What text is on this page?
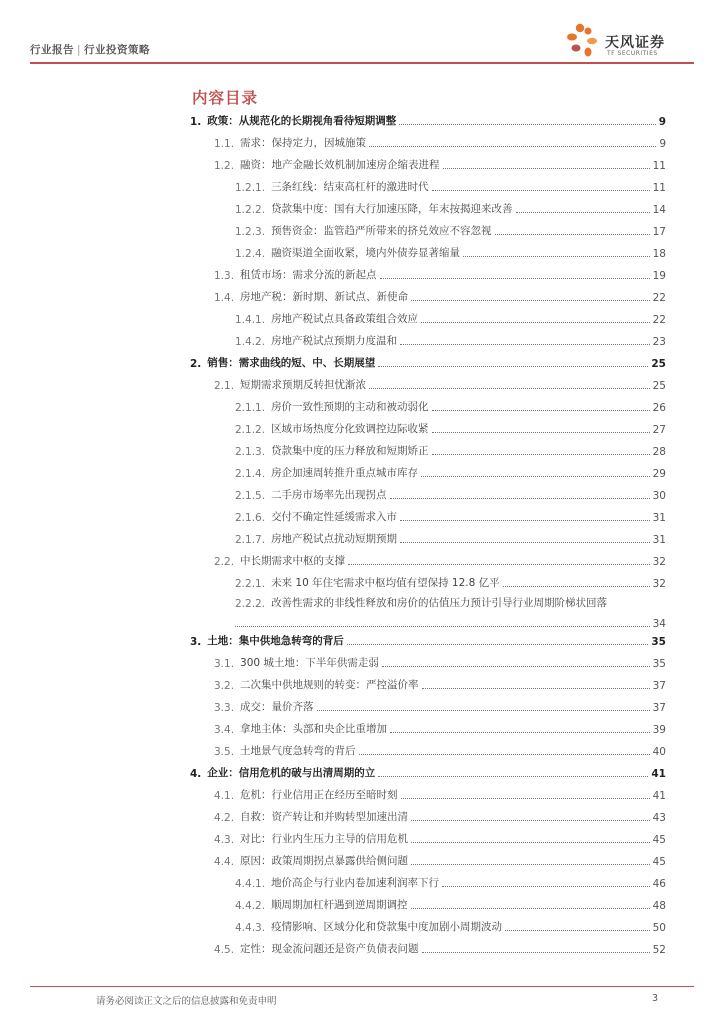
行业报告 | 行业投资策略	天风证券
TF SECURITIES
内容目录
1. 政策：从规范化的长期视角看待短期调整	9
1.1. 需求：保持定力，因城施策	9
1.2. 融资：地产金融长效机制加速房企缩表进程	11
1.2.1. 三条红线：结束高杠杆的激进时代	11
1.2.2. 贷款集中度：国有大行加速压降，年末按揭迎来改善	14
1.2.3. 预售资金：监管趋严所带来的挤兑效应不容忽视	17
1.2.4. 融资渠道全面收紧，境内外债券显著缩量	18
1.3. 租赁市场：需求分流的新起点	19
1.4. 房地产税：新时期、新试点、新使命	22
1.4.1. 房地产税试点具备政策组合效应	22
1.4.2. 房地产税试点预期力度温和	23
2. 销售：需求曲线的短、中、长期展望	25
2.1. 短期需求预期反转担忧渐浓	25
2.1.1. 房价一致性预期的主动和被动弱化	26
2.1.2. 区域市场热度分化致调控边际收紧	27
2.1.3. 贷款集中度的压力释放和短期矫正	28
2.1.4. 房企加速周转推升重点城市库存	29
2.1.5. 二手房市场率先出现拐点	30
2.1.6. 交付不确定性延缓需求入市	31
2.1.7. 房地产税试点扰动短期预期	31
2.2. 中长期需求中枢的支撑	32
2.2.1. 未来 10 年住宅需求中枢均值有望保持 12.8 亿平	32
2.2.2. 改善性需求的非线性释放和房价的估值压力预计引导行业周期阶梯状回落
34
3. 土地：集中供地急转弯的背后	35
3.1. 300 城土地：下半年供需走弱	35
3.2. 二次集中供地规则的转变：严控溢价率	37
3.3. 成交：量价齐落	37
3.4. 拿地主体：头部和央企比重增加	39
3.5. 土地景气度急转弯的背后	40
4. 企业：信用危机的破与出清周期的立	41
4.1. 危机：行业信用正在经历至暗时刻	41
4.2. 自救：资产转让和并购转型加速出清	43
4.3. 对比：行业内生压力主导的信用危机	45
4.4. 原因：政策周期拐点暴露供给侧问题	45
4.4.1. 地价高企与行业内卷加速利润率下行	46
4.4.2. 顺周期加杠杆遇到逆周期调控	48
4.4.3. 疫情影响、区域分化和贷款集中度加剧小周期波动	50
4.5. 定性：现金流问题还是资产负债表问题	52
请务必阅读正文之后的信息披露和免责申明	3
